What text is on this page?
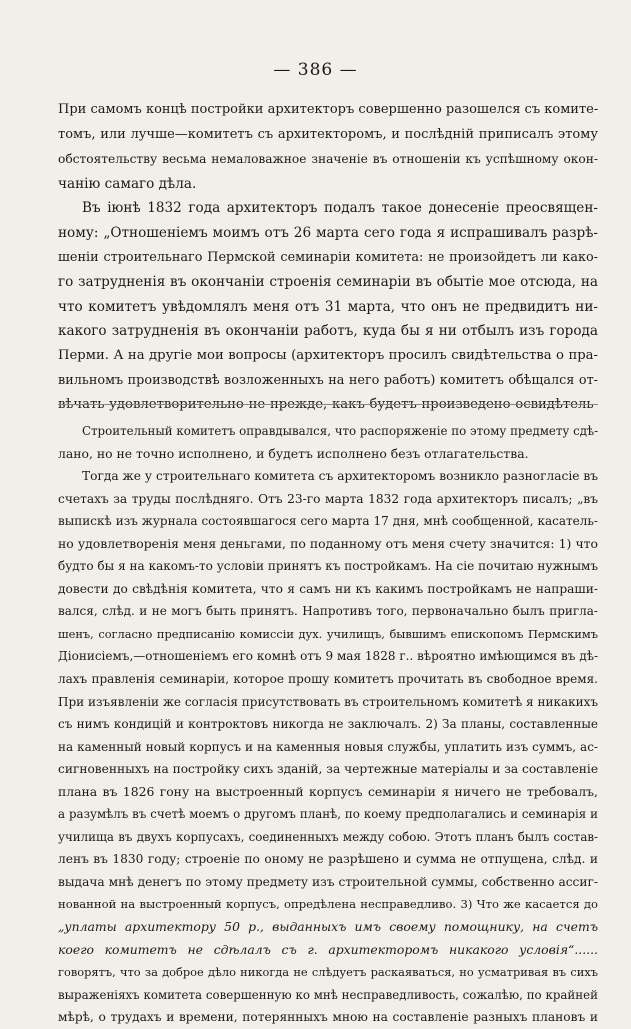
— 386 —
При самомъ концѣ постройки архитекторъ совершенно разошелся съ комите-
томъ, или лучше—комитетъ съ архитекторомъ, и послѣднiй приписалъ этому
обстоятельству весьма немаловажное значенiе въ отношенiи къ успѣшному окон-
чанiю самаго дѣла.
Въ iюнѣ 1832 года архитекторъ подалъ такое донесенiе преосвящен-
ному: „Отношенiемъ моимъ отъ 26 марта сего года я испрашивалъ разрѣ-
шенiи строительнаго Пермской семинарiи комитета: не произойдетъ ли како-
го затрудненiя въ окончанiи строенiя семинарiи въ обытiе мое отсюда, на
что комитетъ увѣдомлялъ меня отъ 31 марта, что онъ не предвидитъ ни-
какого затрудненiя въ окончанiи работъ, куда бы я ни отбылъ изъ города
Перми. А на другiе мои вопросы (архитекторъ просилъ свидѣтельства о пра-
вильномъ производствѣ возложенныхъ на него работъ) комитетъ обѣщался от-
вѣчать удовлетворительно не прежде, какъ будетъ произведено освидѣтель-
Строительный комитетъ оправдывался, что распоряженiе по этому предмету сдѣ-
лано, но не точно исполнено, и будетъ исполнено безъ отлагательства.
Тогда же у строительнаго комитета съ архитекторомъ возникло разногласiе въ
счетахъ за труды послѣдняго. Отъ 23-го марта 1832 года архитекторъ писалъ; „въ
выпискѣ изъ журнала состоявшагося сего марта 17 дня, мнѣ сообщенной, касатель-
но удовлетворенiя меня деньгами, по поданному отъ меня счету значится: 1) что
будто бы я на какомъ-то условiи принятъ къ постройкамъ. На сiе почитаю нужнымъ
довести до свѣдѣнiя комитета, что я самъ ни къ какимъ постройкамъ не напраши-
вался, слѣд. и не могъ быть принятъ. Напротивъ того, первоначально былъ пригла-
шенъ, согласно предписанiю комиссiи дух. училищъ, бывшимъ епископомъ Пермскимъ
Дiонисiемъ,—отношенiемъ его комнѣ отъ 9 мая 1828 г.. вѣроятно имѣющимся въ дѣ-
лахъ правленiя семинарiи, которое прошу комитетъ прочитать въ свободное время.
При изъявленiи же согласiя присутствовать въ строительномъ комитетѣ я никакихъ
съ нимъ кондицiй и контроктовъ никогда не заключалъ. 2) За планы, составленные
на каменный новый корпусъ и на каменныя новыя службы, уплатить изъ суммъ, ас-
сигновенныхъ на постройку сихъ зданiй, за чертежные матерiалы и за составленiе
плана въ 1826 гону на выстроенный корпусъ семинарiи я ничего не требовалъ,
а разумѣлъ въ счетѣ моемъ о другомъ планѣ, по коему предполагались и семинарiя и
училища въ двухъ корпусахъ, соединенныхъ между собою. Этотъ планъ былъ состав-
ленъ въ 1830 году; строенiе по оному не разрѣшено и сумма не отпущена, слѣд. и
выдача мнѣ денегъ по этому предмету изъ строительной суммы, собственно ассиг-
нованной на выстроенный корпусъ, опредѣлена несправедливо. 3) Что же касается до
„уплаты архитектору 50 р., выданныхъ имъ своему помощнику, на счетъ
коего комитетъ не сдѣлалъ съ г. архитекторомъ никакого условiя“......
говорятъ, что за доброе дѣло никогда не слѣдуетъ раскаяваться, но усматривая въ сихъ
выраженiяхъ комитета совершенную ко мнѣ несправедливость, сожалѣю, по крайней
мѣрѣ, о трудахъ и времени, потерянныхъ мною на составленiе разныхъ плановъ и
